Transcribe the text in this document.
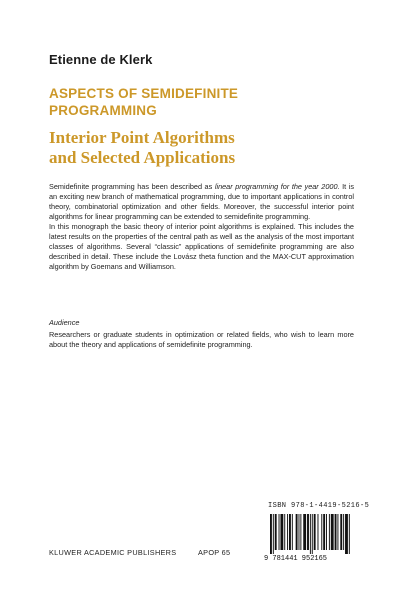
Etienne de Klerk
ASPECTS OF SEMIDEFINITE
PROGRAMMING
Interior Point Algorithms
and Selected Applications

Semidefinite programming has been described as linear programming for the year 2000. It is an exciting new branch of mathematical programming, due to important applications in control theory, combinatorial optimization and other fields. Moreover, the successful interior point algorithms for linear programming can be extended to semidefinite programming.

In this monograph the basic theory of interior point algorithms is explained. This includes the latest results on the properties of the central path as well as the analysis of the most important classes of algorithms. Several “classic” applications of semidefinite programming are also described in detail. These include the Lovász theta function and the MAX-CUT approximation algorithm by Goemans and Williamson.

Audience
Researchers or graduate students in optimization or related fields, who wish to learn more about the theory and applications of semidefinite programming.
ISBN 978-1-4419-5216-5
9 781441 952165
KLUWER ACADEMIC PUBLISHERS	APOP 65
